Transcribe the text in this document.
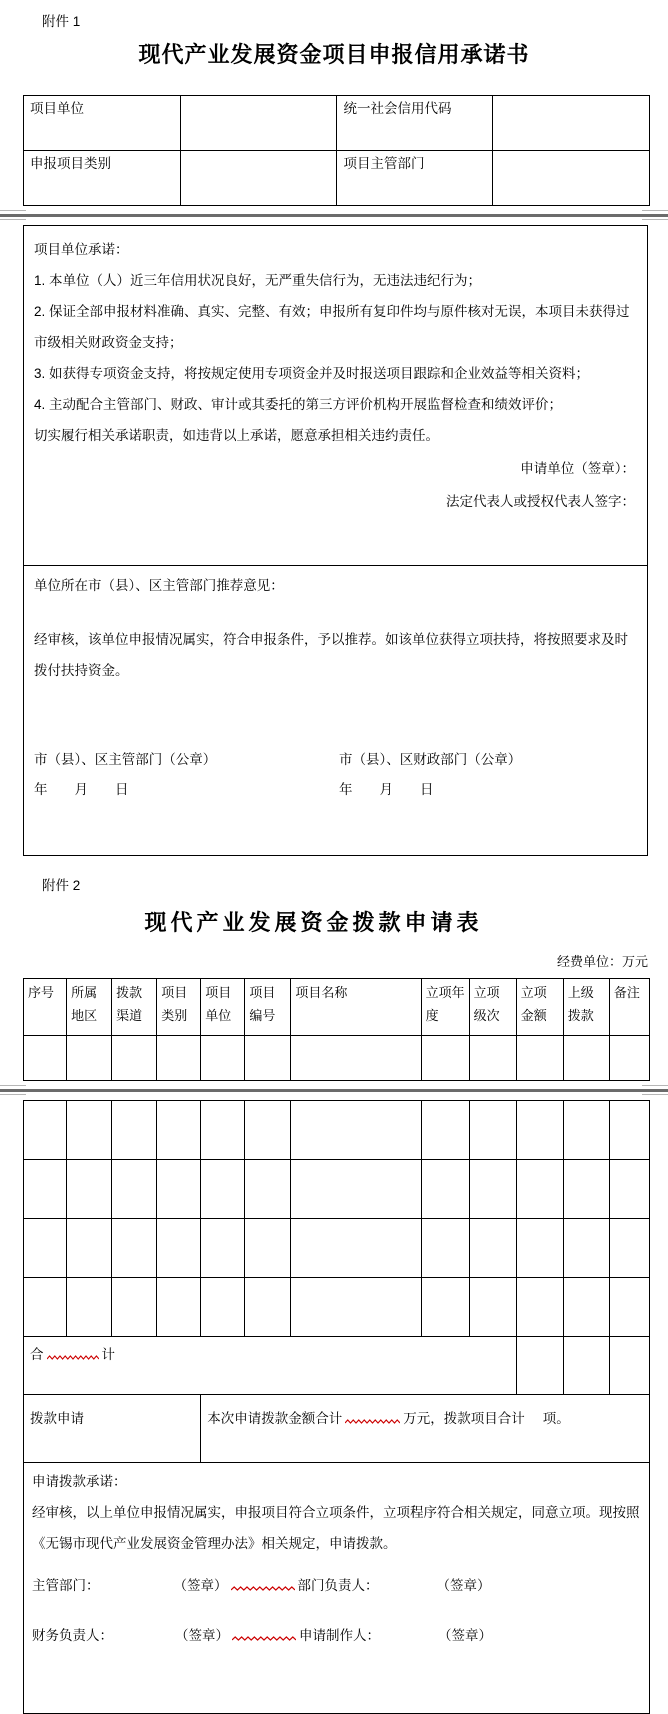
附件 1
现代产业发展资金项目申报信用承诺书
项目单位		统一社会信用代码	
申报项目类别		项目主管部门	
项目单位承诺：
1. 本单位（人）近三年信用状况良好，无严重失信行为，无违法违纪行为；
2. 保证全部申报材料准确、真实、完整、有效；申报所有复印件均与原件核对无误，本项目未获得过市级相关财政资金支持；
3. 如获得专项资金支持，将按规定使用专项资金并及时报送项目跟踪和企业效益等相关资料；
4. 主动配合主管部门、财政、审计或其委托的第三方评价机构开展监督检查和绩效评价；
切实履行相关承诺职责，如违背以上承诺，愿意承担相关违约责任。
申请单位（签章）：
法定代表人或授权代表人签字：
单位所在市（县）、区主管部门推荐意见：
经审核，该单位申报情况属实，符合申报条件，予以推荐。如该单位获得立项扶持，将按照要求及时拨付扶持资金。
市（县）、区主管部门（公章）	市（县）、区财政部门（公章）
年　　月　　日	年　　月　　日
附件 2
现代产业发展资金拨款申请表
经费单位：万元
序号	所属地区	拨款渠道	项目类别	项目单位	项目编号	项目名称	立项年度	立项级次	立项金额	上级拨款	备注

合 计											
拨款申请				本次申请拨款金额合计 万元，拨款项目合计 项。							

申请拨款承诺：
经审核，以上单位申报情况属实，申报项目符合立项条件，立项程序符合相关规定，同意立项。现按照《无锡市现代产业发展资金管理办法》相关规定，申请拨款。
主管部门： （签章） 部门负责人： （签章）
财务负责人： （签章） 申请制作人： （签章）											
